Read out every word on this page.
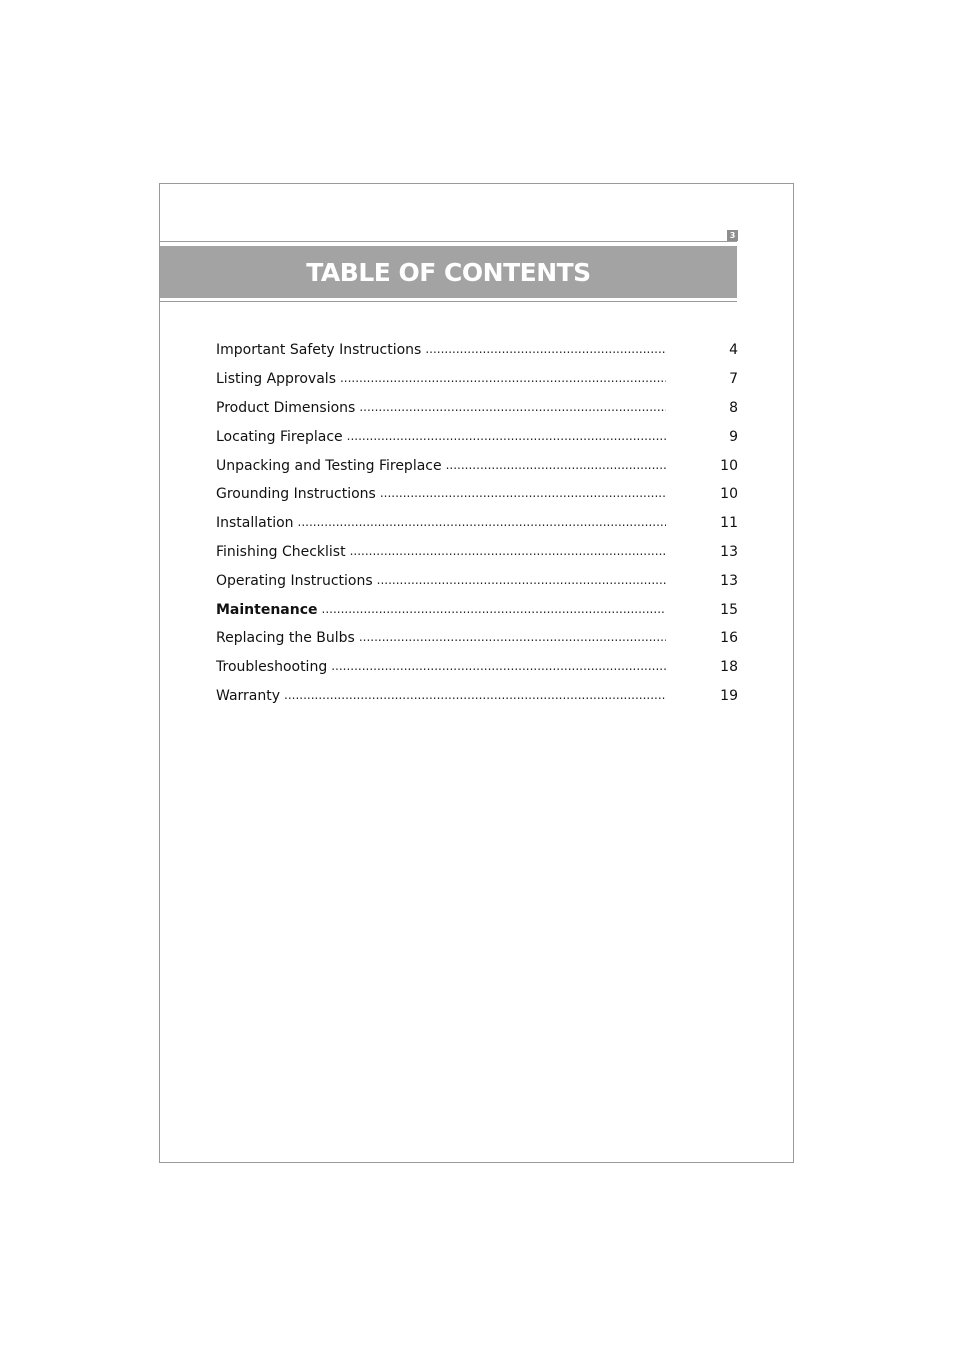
3
TABLE OF CONTENTS
Important Safety Instructions .....	4
Listing Approvals .....	7
Product Dimensions .....	8
Locating Fireplace .....	9
Unpacking and Testing Fireplace .....	10
Grounding Instructions .....	10
Installation .....	11
Finishing Checklist .....	13
Operating Instructions .....	13
Maintenance .....	15
Replacing the Bulbs .....	16
Troubleshooting .....	18
Warranty .....	19
